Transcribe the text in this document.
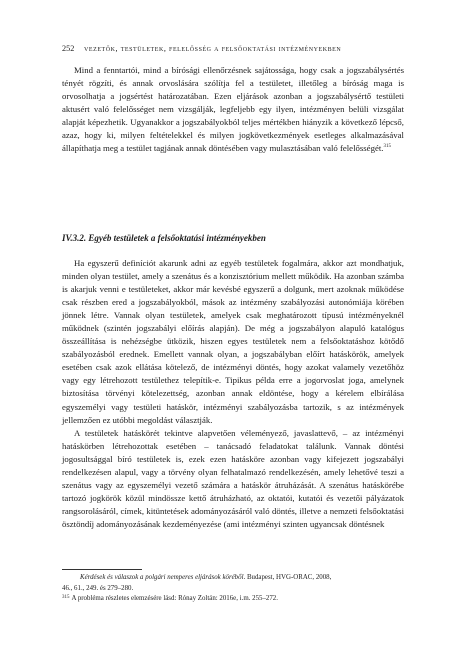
252 vezetők, testületek, felelősség a felsőoktatási intézményekben

Mind a fenntartói, mind a bírósági ellenőrzésnek sajátossága, hogy csak a jogszabálysértés tényét rögzíti, és annak orvoslására szólítja fel a testületet, illetőleg a bíróság maga is orvosolhatja a jogsértést határozatában. Ezen eljárások azonban a jogszabálysértő testületi aktusért való felelősséget nem vizsgálják, legfeljebb egy ilyen, intézményen belüli vizsgálat alapját képezhetik. Ugyanakkor a jogszabályokból teljes mértékben hiányzik a következő lépcső, azaz, hogy ki, milyen feltételekkel és milyen jogkövetkezmények esetleges alkalmazásával állapíthatja meg a testület tagjának annak döntésében vagy mulasztásában való felelősségét.$^{315}$

IV.3.2. Egyéb testületek a felsőoktatási intézményekben

Ha egyszerű definíciót akarunk adni az egyéb testületek fogalmára, akkor azt mondhatjuk, minden olyan testület, amely a szenátus és a konzisztórium mellett működik. Ha azonban számba is akarjuk venni e testületeket, akkor már kevésbé egyszerű a dolgunk, mert azoknak működése csak részben ered a jogszabályokból, mások az intézmény szabályozási autonómiája körében jönnek létre. Vannak olyan testületek, amelyek csak meghatározott típusú intézményeknél működnek (szintén jogszabályi előírás alapján). De még a jogszabályon alapuló katalógus összeállítása is nehézségbe ütközik, hiszen egyes testületek nem a felsőoktatáshoz kötődő szabályozásból erednek. Emellett vannak olyan, a jogszabályban előírt hatáskörök, amelyek esetében csak azok ellátása kötelező, de intézményi döntés, hogy azokat valamely vezetőhöz vagy egy létrehozott testülethez telepítik-e. Tipikus példa erre a jogorvoslat joga, amelynek biztosítása törvényi kötelezettség, azonban annak eldöntése, hogy a kérelem elbírálása egyszemélyi vagy testületi hatáskör, intézményi szabályozásba tartozik, s az intézmények jellemzően ez utóbbi megoldást választják.

A testületek hatáskörét tekintve alapvetően véleményező, javaslattevő, – az intézményi hatáskörben létrehozottak esetében – tanácsadó feladatokat találunk. Vannak döntési jogosultsággal bíró testületek is, ezek ezen hatásköre azonban vagy kifejezett jogszabályi rendelkezésen alapul, vagy a törvény olyan felhatalmazó rendelkezésén, amely lehetővé teszi a szenátus vagy az egyszemélyi vezető számára a hatáskör átruházását. A szenátus hatáskörébe tartozó jogkörök közül mindössze kettő átruházható, az oktatói, kutatói és vezetői pályázatok rangsorolásáról, címek, kitüntetések adományozásáról való döntés, illetve a nemzeti felsőoktatási ösztöndíj adományozásának kezdeményezése (ami intézményi szinten ugyancsak döntésnek

Kérdések és válaszok a polgári nemperes eljárások köréből. Budapest, HVG-ORAC, 2008,

46., 61., 249. és 279–280.

$^{315}$ A probléma részletes elemzésére lásd: Rónay Zoltán: 2016e, i.m. 255–272.
